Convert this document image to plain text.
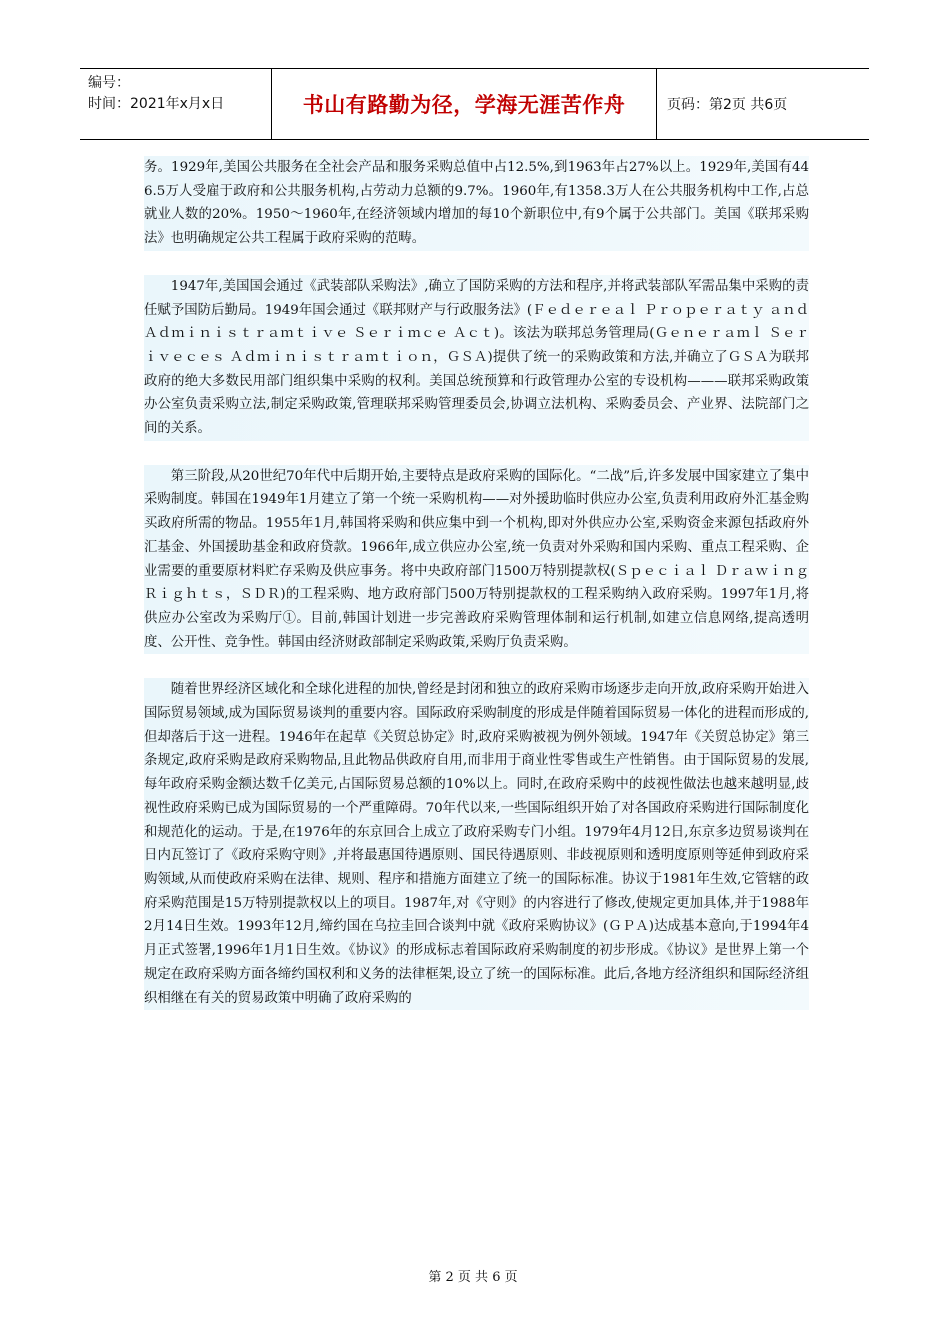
编号：
时间：2021年x月x日	书山有路勤为径，学海无涯苦作舟	页码：第2页 共6页

务。1929年,美国公共服务在全社会产品和服务采购总值中占12.5%,到1963年占27%以上。1929年,美国有446.5万人受雇于政府和公共服务机构,占劳动力总额的9.7%。1960年,有1358.3万人在公共服务机构中工作,占总就业人数的20%。1950～1960年,在经济领域内增加的每10个新职位中,有9个属于公共部门。美国《联邦采购法》也明确规定公共工程属于政府采购的范畴。

1947年,美国国会通过《武装部队采购法》,确立了国防采购的方法和程序,并将武装部队军需品集中采购的责任赋予国防后勤局。1949年国会通过《联邦财产与行政服务法》(Ｆｅｄｅｒｅａｌ Ｐｒｏｐｅｒａｔｙ ａｎｄ Ａｄｍｉｎｉｓｔｒａｍｔｉｖｅ Ｓｅｒｉｍｃｅ Ａｃｔ)。该法为联邦总务管理局(Ｇｅｎｅｒａｍｌ Ｓｅｒｉｖｅｃｅｓ Ａｄｍｉｎｉｓｔｒａｍｔｉｏｎ，ＧＳＡ)提供了统一的采购政策和方法,并确立了ＧＳＡ为联邦政府的绝大多数民用部门组织集中采购的权利。美国总统预算和行政管理办公室的专设机构———联邦采购政策办公室负责采购立法,制定采购政策,管理联邦采购管理委员会,协调立法机构、采购委员会、产业界、法院部门之间的关系。

第三阶段,从20世纪70年代中后期开始,主要特点是政府采购的国际化。“二战”后,许多发展中国家建立了集中采购制度。韩国在1949年1月建立了第一个统一采购机构——对外援助临时供应办公室,负责利用政府外汇基金购买政府所需的物品。1955年1月,韩国将采购和供应集中到一个机构,即对外供应办公室,采购资金来源包括政府外汇基金、外国援助基金和政府贷款。1966年,成立供应办公室,统一负责对外采购和国内采购、重点工程采购、企业需要的重要原材料贮存采购及供应事务。将中央政府部门1500万特别提款权(Ｓｐｅｃｉａｌ Ｄｒａｗｉｎｇ Ｒｉｇｈｔｓ，ＳＤＲ)的工程采购、地方政府部门500万特别提款权的工程采购纳入政府采购。1997年1月,将供应办公室改为采购厅①。目前,韩国计划进一步完善政府采购管理体制和运行机制,如建立信息网络,提高透明度、公开性、竞争性。韩国由经济财政部制定采购政策,采购厅负责采购。

随着世界经济区域化和全球化进程的加快,曾经是封闭和独立的政府采购市场逐步走向开放,政府采购开始进入国际贸易领域,成为国际贸易谈判的重要内容。国际政府采购制度的形成是伴随着国际贸易一体化的进程而形成的,但却落后于这一进程。1946年在起草《关贸总协定》时,政府采购被视为例外领域。1947年《关贸总协定》第三条规定,政府采购是政府采购物品,且此物品供政府自用,而非用于商业性零售或生产性销售。由于国际贸易的发展,每年政府采购金额达数千亿美元,占国际贸易总额的10%以上。同时,在政府采购中的歧视性做法也越来越明显,歧视性政府采购已成为国际贸易的一个严重障碍。70年代以来,一些国际组织开始了对各国政府采购进行国际制度化和规范化的运动。于是,在1976年的东京回合上成立了政府采购专门小组。1979年4月12日,东京多边贸易谈判在日内瓦签订了《政府采购守则》,并将最惠国待遇原则、国民待遇原则、非歧视原则和透明度原则等延伸到政府采购领域,从而使政府采购在法律、规则、程序和措施方面建立了统一的国际标准。协议于1981年生效,它管辖的政府采购范围是15万特别提款权以上的项目。1987年,对《守则》的内容进行了修改,使规定更加具体,并于1988年2月14日生效。1993年12月,缔约国在乌拉圭回合谈判中就《政府采购协议》(ＧＰＡ)达成基本意向,于1994年4月正式签署,1996年1月1日生效。《协议》的形成标志着国际政府采购制度的初步形成。《协议》是世界上第一个规定在政府采购方面各缔约国权利和义务的法律框架,设立了统一的国际标准。此后,各地方经济组织和国际经济组织相继在有关的贸易政策中明确了政府采购的

第 2 页 共 6 页
